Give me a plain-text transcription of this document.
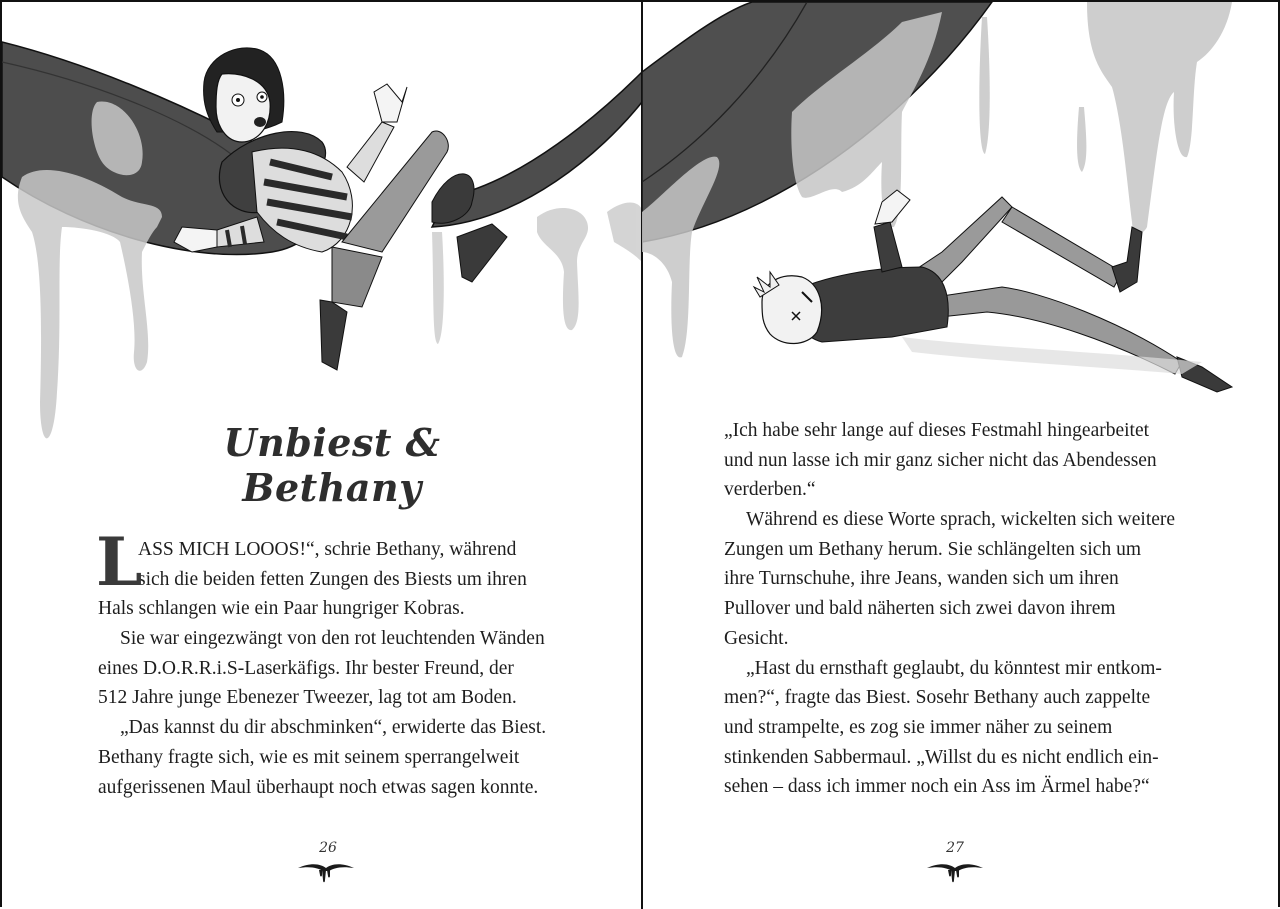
Unbiest & Bethany
L
ASS MICH LOOOS!“, schrie Bethany, während
sich die beiden fetten Zungen des Biests um ihren
Hals schlangen wie ein Paar hungriger Kobras.
Sie war eingezwängt von den rot leuchtenden Wänden
eines D.O.R.R.i.S-Laserkäfigs. Ihr bester Freund, der
512 Jahre junge Ebenezer Tweezer, lag tot am Boden.
„Das kannst du dir abschminken“, erwiderte das Biest.
Bethany fragte sich, wie es mit seinem sperrangelweit
aufgerissenen Maul überhaupt noch etwas sagen konnte.
26
„Ich habe sehr lange auf dieses Festmahl hingearbeitet
und nun lasse ich mir ganz sicher nicht das Abendessen
verderben.“
Während es diese Worte sprach, wickelten sich weitere
Zungen um Bethany herum. Sie schlängelten sich um
ihre Turnschuhe, ihre Jeans, wanden sich um ihren
Pullover und bald näherten sich zwei davon ihrem
Gesicht.
„Hast du ernsthaft geglaubt, du könntest mir entkom-
men?“, fragte das Biest. Sosehr Bethany auch zappelte
und strampelte, es zog sie immer näher zu seinem
stinkenden Sabbermaul. „Willst du es nicht endlich ein-
sehen – dass ich immer noch ein Ass im Ärmel habe?“
27
